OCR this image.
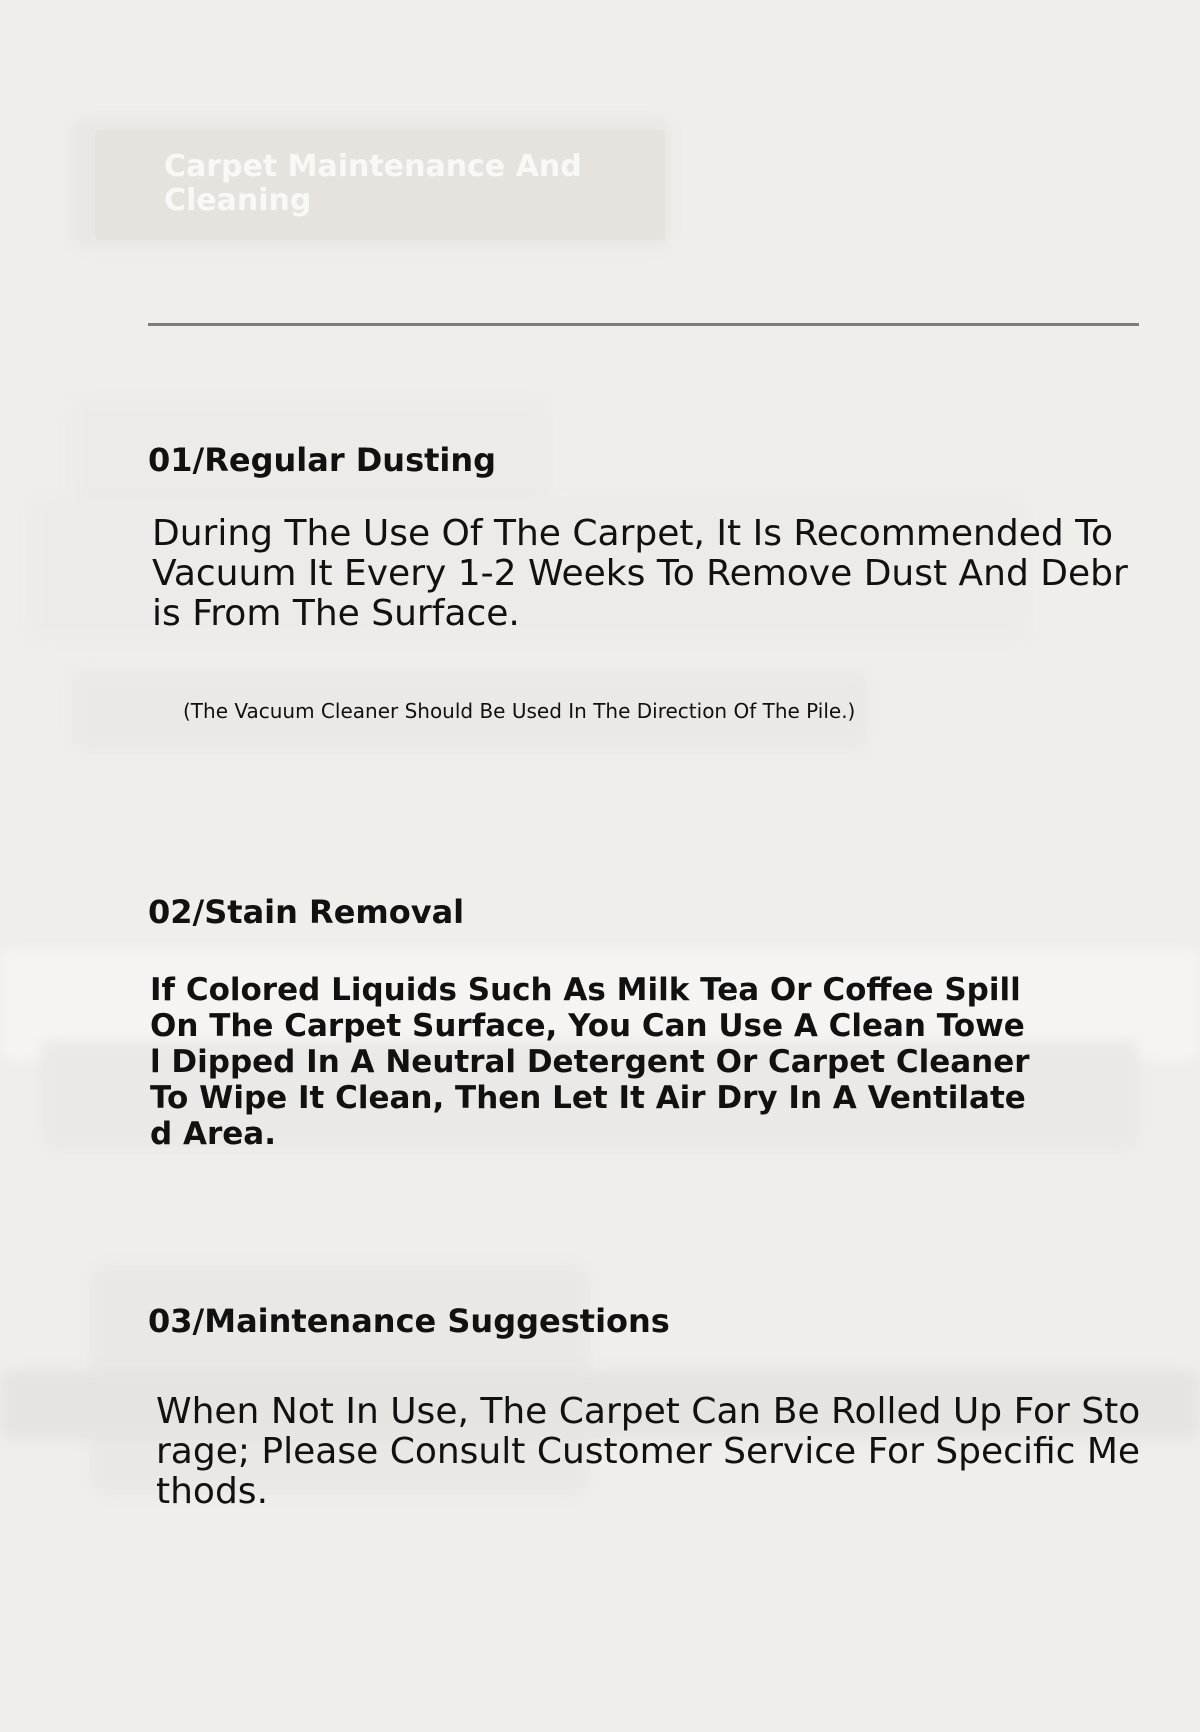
Carpet Maintenance And Cleaning
01/Regular Dusting

During The Use Of The Carpet, It Is Recommended To Vacuum It Every 1-2 Weeks To Remove Dust And Debris From The Surface.

(The Vacuum Cleaner Should Be Used In The Direction Of The Pile.)

02/Stain Removal

If Colored Liquids Such As Milk Tea Or Coffee Spill On The Carpet Surface, You Can Use A Clean Towel Dipped In A Neutral Detergent Or Carpet Cleaner To Wipe It Clean, Then Let It Air Dry In A Ventilated Area.

03/Maintenance Suggestions

When Not In Use, The Carpet Can Be Rolled Up For Storage; Please Consult Customer Service For Specific Methods.
